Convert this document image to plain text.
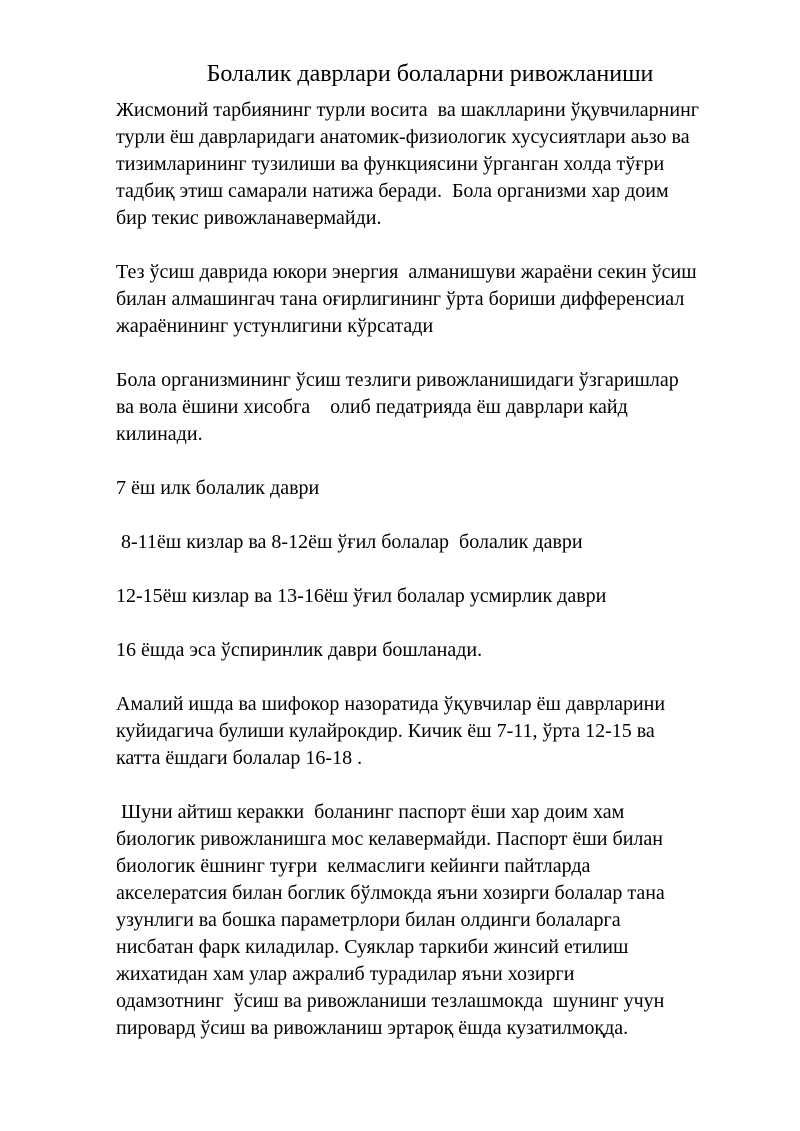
Болалик даврлари болаларни ривожланиши
Жисмоний тарбиянинг турли восита  ва шаклларини ўқувчиларнинг
турли ёш даврларидаги анатомик-физиологик хусусиятлари аьзо ва
тизимларининг тузилиши ва функциясини ўрганган холда тўғри
тадбиқ этиш самарали натижа беради.  Бола организми хар доим
бир текис ривожланавермайди.
Тез ўсиш даврида юкори энергия  алманишуви жараёни секин ўсиш
билан алмашингач тана оғирлигининг ўрта бориши дифференсиал
жараёнининг устунлигини кўрсатади
Бола организмининг ўсиш тезлиги ривожланишидаги ўзгаришлар
ва вола ёшини хисобга    олиб педатрияда ёш даврлари кайд
килинади.
7 ёш илк болалик даври
8-11ёш кизлар ва 8-12ёш ўғил болалар  болалик даври
12-15ёш кизлар ва 13-16ёш ўғил болалар усмирлик даври
16 ёшда эса ўспиринлик даври бошланади.
Амалий ишда ва шифокор назоратида ўқувчилар ёш даврларини
куйидагича булиши кулайрокдир. Кичик ёш 7-11, ўрта 12-15 ва
катта ёшдаги болалар 16-18 .
Шуни айтиш керакки  боланинг паспорт ёши хар доим хам
биологик ривожланишга мос келавермайди. Паспорт ёши билан
биологик ёшнинг туғри  келмаслиги кейинги пайтларда
акселератсия билан боглик бўлмокда яъни хозирги болалар тана
узунлиги ва бошка параметрлори билан олдинги болаларга
нисбатан фарк киладилар. Суяклар таркиби жинсий етилиш
жихатидан хам улар ажралиб турадилар яъни хозирги
одамзотнинг  ўсиш ва ривожланиши тезлашмокда  шунинг учун
пировард ўсиш ва ривожланиш эртароқ ёшда кузатилмоқда.
